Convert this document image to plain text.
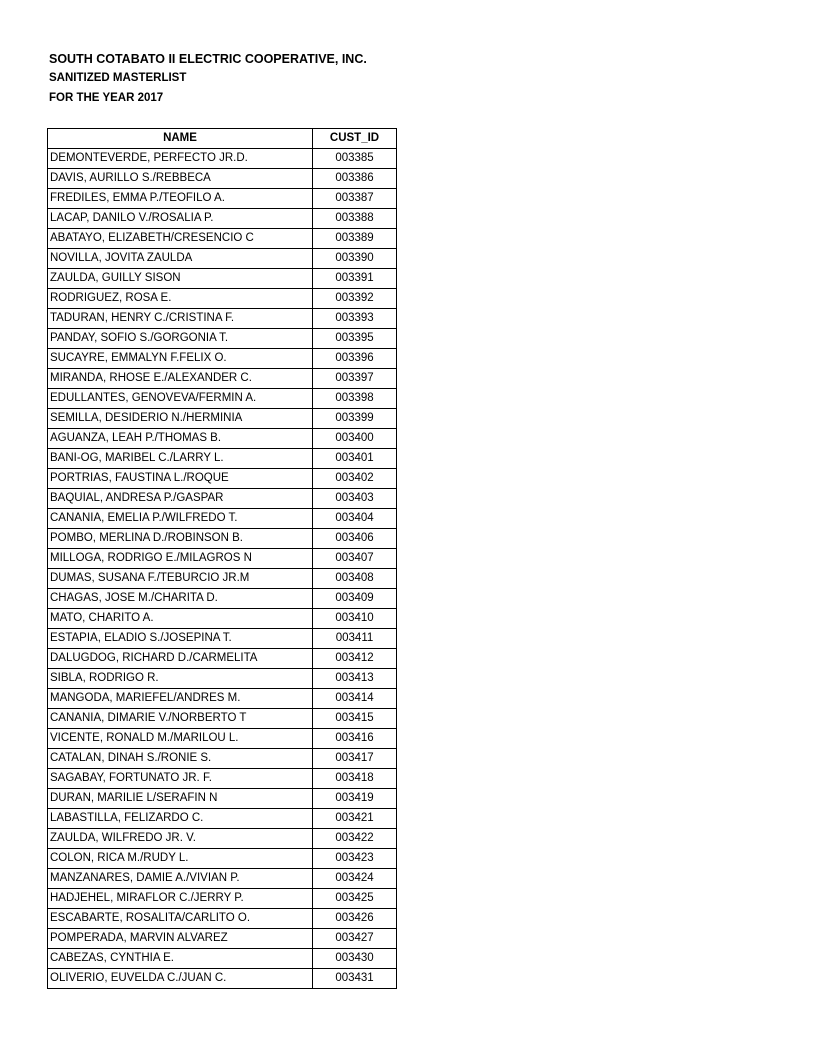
SOUTH COTABATO II ELECTRIC COOPERATIVE, INC.
SANITIZED MASTERLIST
FOR THE YEAR 2017
NAME	CUST_ID
DEMONTEVERDE, PERFECTO JR.D.	003385
DAVIS, AURILLO S./REBBECA	003386
FREDILES, EMMA P./TEOFILO A.	003387
LACAP, DANILO V./ROSALIA P.	003388
ABATAYO, ELIZABETH/CRESENCIO C	003389
NOVILLA, JOVITA ZAULDA	003390
ZAULDA, GUILLY SISON	003391
RODRIGUEZ, ROSA E.	003392
TADURAN, HENRY C./CRISTINA F.	003393
PANDAY, SOFIO S./GORGONIA T.	003395
SUCAYRE, EMMALYN F.FELIX O.	003396
MIRANDA, RHOSE E./ALEXANDER C.	003397
EDULLANTES, GENOVEVA/FERMIN A.	003398
SEMILLA, DESIDERIO N./HERMINIA	003399
AGUANZA, LEAH P./THOMAS B.	003400
BANI-OG, MARIBEL C./LARRY L.	003401
PORTRIAS, FAUSTINA L./ROQUE	003402
BAQUIAL, ANDRESA P./GASPAR	003403
CANANIA, EMELIA P./WILFREDO T.	003404
POMBO, MERLINA D./ROBINSON B.	003406
MILLOGA, RODRIGO E./MILAGROS N	003407
DUMAS, SUSANA F./TEBURCIO JR.M	003408
CHAGAS, JOSE M./CHARITA D.	003409
MATO, CHARITO A.	003410
ESTAPIA, ELADIO S./JOSEPINA T.	003411
DALUGDOG, RICHARD D./CARMELITA	003412
SIBLA, RODRIGO R.	003413
MANGODA, MARIEFEL/ANDRES M.	003414
CANANIA, DIMARIE V./NORBERTO T	003415
VICENTE, RONALD M./MARILOU L.	003416
CATALAN, DINAH S./RONIE S.	003417
SAGABAY, FORTUNATO JR. F.	003418
DURAN, MARILIE L/SERAFIN N	003419
LABASTILLA, FELIZARDO C.	003421
ZAULDA, WILFREDO JR. V.	003422
COLON, RICA M./RUDY L.	003423
MANZANARES, DAMIE A./VIVIAN P.	003424
HADJEHEL, MIRAFLOR C./JERRY P.	003425
ESCABARTE, ROSALITA/CARLITO O.	003426
POMPERADA, MARVIN ALVAREZ	003427
CABEZAS, CYNTHIA E.	003430
OLIVERIO, EUVELDA C./JUAN C.	003431
